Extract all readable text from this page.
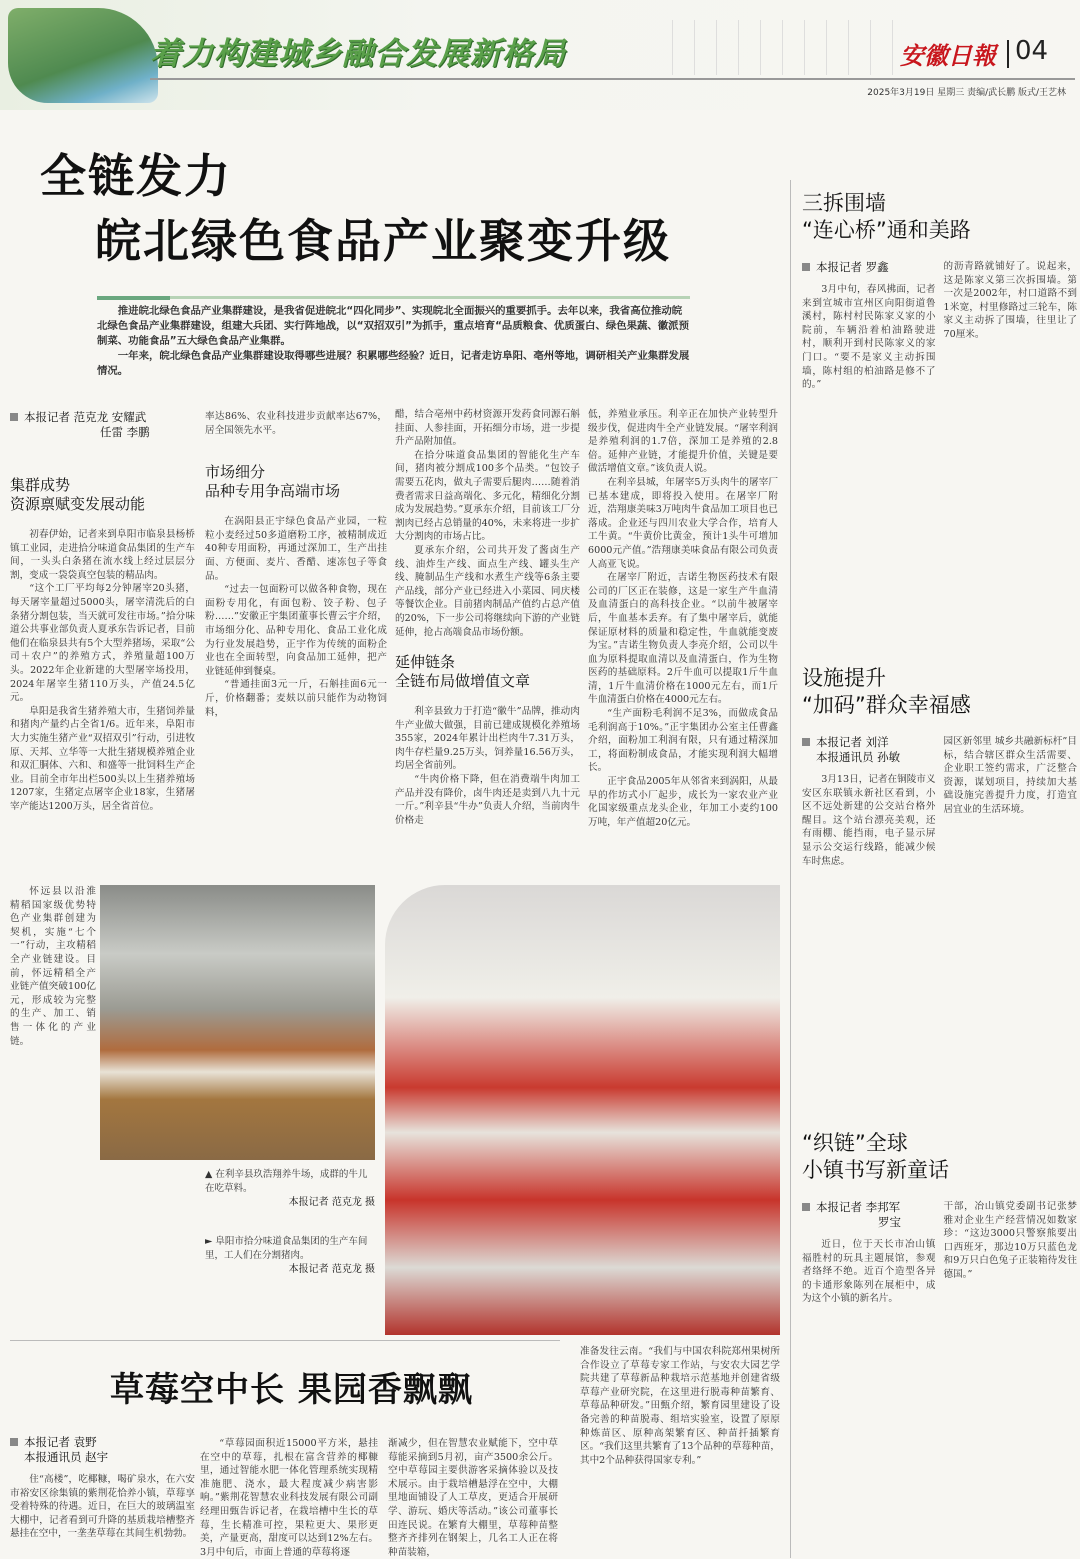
着力构建城乡融合发展新格局	安徽日報 04
2025年3月19日 星期三 责编/武长鹏 版式/王艺林
全链发力
皖北绿色食品产业聚变升级

推进皖北绿色食品产业集群建设，是我省促进皖北“四化同步”、实现皖北全面振兴的重要抓手。去年以来，我省高位推动皖北绿色食品产业集群建设，组建大兵团、实行阵地战，以“双招双引”为抓手，重点培育“品质粮食、优质蛋白、绿色果蔬、徽派预制菜、功能食品”五大绿色食品产业集群。

一年来，皖北绿色食品产业集群建设取得哪些进展？积累哪些经验？近日，记者走访阜阳、亳州等地，调研相关产业集群发展情况。

本报记者 范克龙 安耀武
任雷 李鹏
集群成势
资源禀赋变发展动能

初春伊始，记者来到阜阳市临泉县杨桥镇工业园，走进拾分味道食品集团的生产车间，一头头白条猪在流水线上经过层层分割，变成一袋袋真空包装的精品肉。

“这个工厂平均每2分钟屠宰20头猪，每天屠宰量超过5000头，屠宰清洗后的白条猪分割包装，当天就可发往市场。”拾分味道公共事业部负责人夏承东告诉记者，目前他们在临泉县共有5个大型养猪场，采取“公司＋农户”的养殖方式，养殖量超100万头。2022年企业新建的大型屠宰场投用，2024年屠宰生猪110万头，产值24.5亿元。

阜阳是我省生猪养殖大市，生猪饲养量和猪肉产量约占全省1/6。近年来，阜阳市大力实施生猪产业“双招双引”行动，引进牧原、天邦、立华等一大批生猪规模养殖企业和双汇胴体、六和、和盛等一批饲料生产企业。目前全市年出栏500头以上生猪养殖场1207家，生猪定点屠宰企业18家，生猪屠宰产能达1200万头，居全省首位。

怀远县以沿淮精稻国家级优势特色产业集群创建为契机，实施“七个一”行动，主攻精稻全产业链建设。目前，怀远精稻全产业链产值突破100亿元，形成较为完整的生产、加工、销售一体化的产业链。

率达86%、农业科技进步贡献率达67%，居全国领先水平。

市场细分
品种专用争高端市场

在涡阳县正宇绿色食品产业园，一粒粒小麦经过50多道磨粉工序，被精制成近40种专用面粉，再通过深加工，生产出挂面、方便面、麦片、香醋、速冻包子等食品。

“过去一包面粉可以做各种食物，现在面粉专用化，有面包粉、饺子粉、包子粉……”安徽正宇集团董事长曹云宇介绍，市场细分化、品种专用化、食品工业化成为行业发展趋势，正宇作为传统的面粉企业也在全面转型，向食品加工延伸，把产业链延伸到餐桌。

“普通挂面3元一斤，石斛挂面6元一斤，价格翻番；麦麸以前只能作为动物饲料，

醋，结合亳州中药材资源开发药食同源石斛挂面、人参挂面，开拓细分市场，进一步提升产品附加值。

在拾分味道食品集团的智能化生产车间，猪肉被分割成100多个品类。“包饺子需要五花肉，做丸子需要后腿肉……随着消费者需求日益高端化、多元化，精细化分割成为发展趋势。”夏承东介绍，目前该工厂分割肉已经占总销量的40%，未来将进一步扩大分割肉的市场占比。

夏承东介绍，公司共开发了酱卤生产线、油炸生产线、面点生产线、罐头生产线、腌制品生产线和水煮生产线等6条主要产品线，部分产业已经进入小菜园、同庆楼等餐饮企业。目前猪肉制品产值约占总产值的20%，下一步公司将继续向下游的产业链延伸，抢占高端食品市场份额。

延伸链条
全链布局做增值文章

利辛县致力于打造“徽牛”品牌，推动肉牛产业做大做强，目前已建成规模化养殖场355家，2024年累计出栏肉牛7.31万头，肉牛存栏量9.25万头，饲养量16.56万头，均居全省前列。

“牛肉价格下降，但在消费端牛肉加工产品并没有降价，卤牛肉还是卖到八九十元一斤。”利辛县“牛办”负责人介绍，当前肉牛价格走

低，养殖业承压。利辛正在加快产业转型升级步伐，促进肉牛全产业链发展。“屠宰利润是养殖利润的1.7倍，深加工是养殖的2.8倍。延伸产业链，才能提升价值，关键是要做活增值文章。”该负责人说。

在利辛县城，年屠宰5万头肉牛的屠宰厂已基本建成，即将投入使用。在屠宰厂附近，浩翔康美味3万吨肉牛食品加工项目也已落成。企业还与四川农业大学合作，培育人工牛黄。“牛黄价比黄金，预计1头牛可增加6000元产值。”浩翔康美味食品有限公司负责人高亚飞说。

在屠宰厂附近，吉诺生物医药技术有限公司的厂区正在装修，这是一家生产牛血清及血清蛋白的高科技企业。“以前牛被屠宰后，牛血基本丢弃。有了集中屠宰后，就能保证原材料的质量和稳定性，牛血就能变废为宝。”吉诺生物负责人李亮介绍，公司以牛血为原料提取血清以及血清蛋白，作为生物医药的基础原料。2斤牛血可以提取1斤牛血清，1斤牛血清价格在1000元左右，而1斤牛血清蛋白价格在4000元左右。

“生产面粉毛利润不足3%，而做成食品毛利润高于10%。”正宇集团办公室主任曹鑫介绍，面粉加工利润有限，只有通过精深加工，将面粉制成食品，才能实现利润大幅增长。

正宇食品2005年从邻省来到涡阳，从最早的作坊式小厂起步，成长为一家农业产业化国家级重点龙头企业，年加工小麦约100万吨，年产值超20亿元。

▲ 在利辛县玖浩翔养牛场，成群的牛儿在吃草料。
本报记者 范克龙 摄
► 阜阳市拾分味道食品集团的生产车间里，工人们在分割猪肉。
本报记者 范克龙 摄
三拆围墙
“连心桥”通和美路
本报记者 罗鑫

3月中旬，春风拂面，记者来到宣城市宣州区向阳街道鲁溪村，陈村村民陈家义家的小院前，车辆沿着柏油路驶进村，顺利开到村民陈家义的家门口。“要不是家义主动拆围墙，陈村组的柏油路是修不了的。”

的沥青路就铺好了。说起来，这是陈家义第三次拆围墙。第一次是2002年，村口道路不到1米宽，村里修路过三轮车，陈家义主动拆了围墙，往里让了70厘米。

设施提升
“加码”群众幸福感
本报记者 刘洋
本报通讯员 孙敏

3月13日，记者在铜陵市义安区东联镇永新社区看到，小区不远处新建的公交站台格外醒目。这个站台漂亮美观，还有雨棚、能挡雨，电子显示屏显示公交运行线路，能减少候车时焦虑。

园区新邻里 城乡共融新标杆”目标，结合辖区群众生活需要、企业职工签约需求，广泛整合资源，谋划项目，持续加大基础设施完善提升力度，打造宜居宜业的生活环境。

“织链”全球
小镇书写新童话
本报记者 李邦军
罗宝

近日，位于天长市冶山镇福胜村的玩具主题展馆，参观者络绎不绝。近百个造型各异的卡通形象陈列在展柜中，成为这个小镇的新名片。

干部，冶山镇党委副书记张梦雅对企业生产经营情况如数家珍：“这边3000只警察熊要出口西班牙，那边10万只蓝色龙和9万只白色兔子正装箱待发往德国。”

草莓空中长 果园香飘飘
本报记者 袁野
本报通讯员 赵宇

住“高楼”，吃椰糠，喝矿泉水，在六安市裕安区徐集镇的紫荆花恰养小镇，草莓享受着特殊的待遇。近日，在巨大的玻璃温室大棚中，记者看到可升降的基质栽培槽整齐悬挂在空中，一垄垄草莓在其间生机勃勃。

“草莓园面积近15000平方米，悬挂在空中的草莓，扎根在富含营养的椰糠里，通过智能水肥一体化管理系统实现精准施肥、浇水，最大程度减少病害影响。”紫荆花智慧农业科技发展有限公司副经理田甄告诉记者，在栽培槽中生长的草莓，生长精准可控，果粒更大、果形更美，产量更高，甜度可以达到12%左右。3月中旬后，市面上普通的草莓将逐

渐减少，但在智慧农业赋能下，空中草莓能采摘到5月初，亩产3500余公斤。空中草莓园主要供游客采摘体验以及技术展示。由于栽培槽悬浮在空中，大棚里地面铺设了人工草皮，更适合开展研学、游玩、婚庆等活动。”该公司董事长田连民说。在繁育大棚里，草莓种苗整整齐齐排列在钢架上，几名工人正在将种苗装箱，

准备发往云南。“我们与中国农科院郑州果树所合作设立了草莓专家工作站，与安农大园艺学院共建了草莓新品种栽培示范基地并创建省级草莓产业研究院，在这里进行脱毒种苗繁育、草莓品种研发。”田甄介绍，繁育园里建设了设备完善的种苗脱毒、组培实验室，设置了原原种炼苗区、原种高架繁育区、种苗扦插繁育区。“我们这里共繁育了13个品种的草莓种苗，其中2个品种获得国家专利。”
